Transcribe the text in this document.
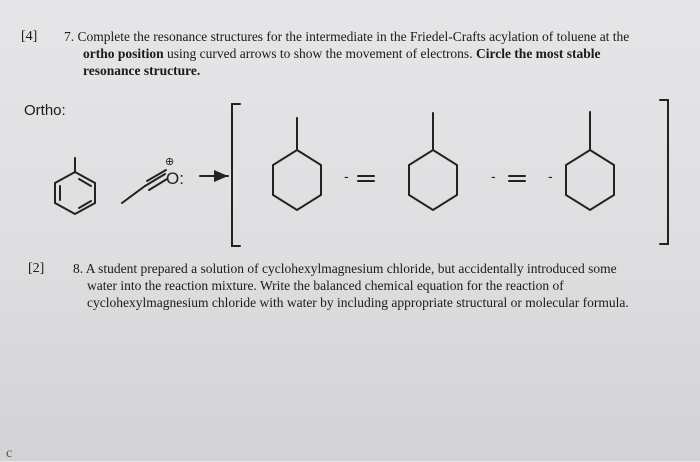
[4] 7. Complete the resonance structures for the intermediate in the Friedel-Crafts acylation of toluene at the
ortho position using curved arrows to show the movement of electrons. Circle the most stable
resonance structure.
Ortho:
-	-	-
⊕
O:
[2] 8. A student prepared a solution of cyclohexylmagnesium chloride, but accidentally introduced some
water into the reaction mixture. Write the balanced chemical equation for the reaction of
cyclohexylmagnesium chloride with water by including appropriate structural or molecular formula.
c
